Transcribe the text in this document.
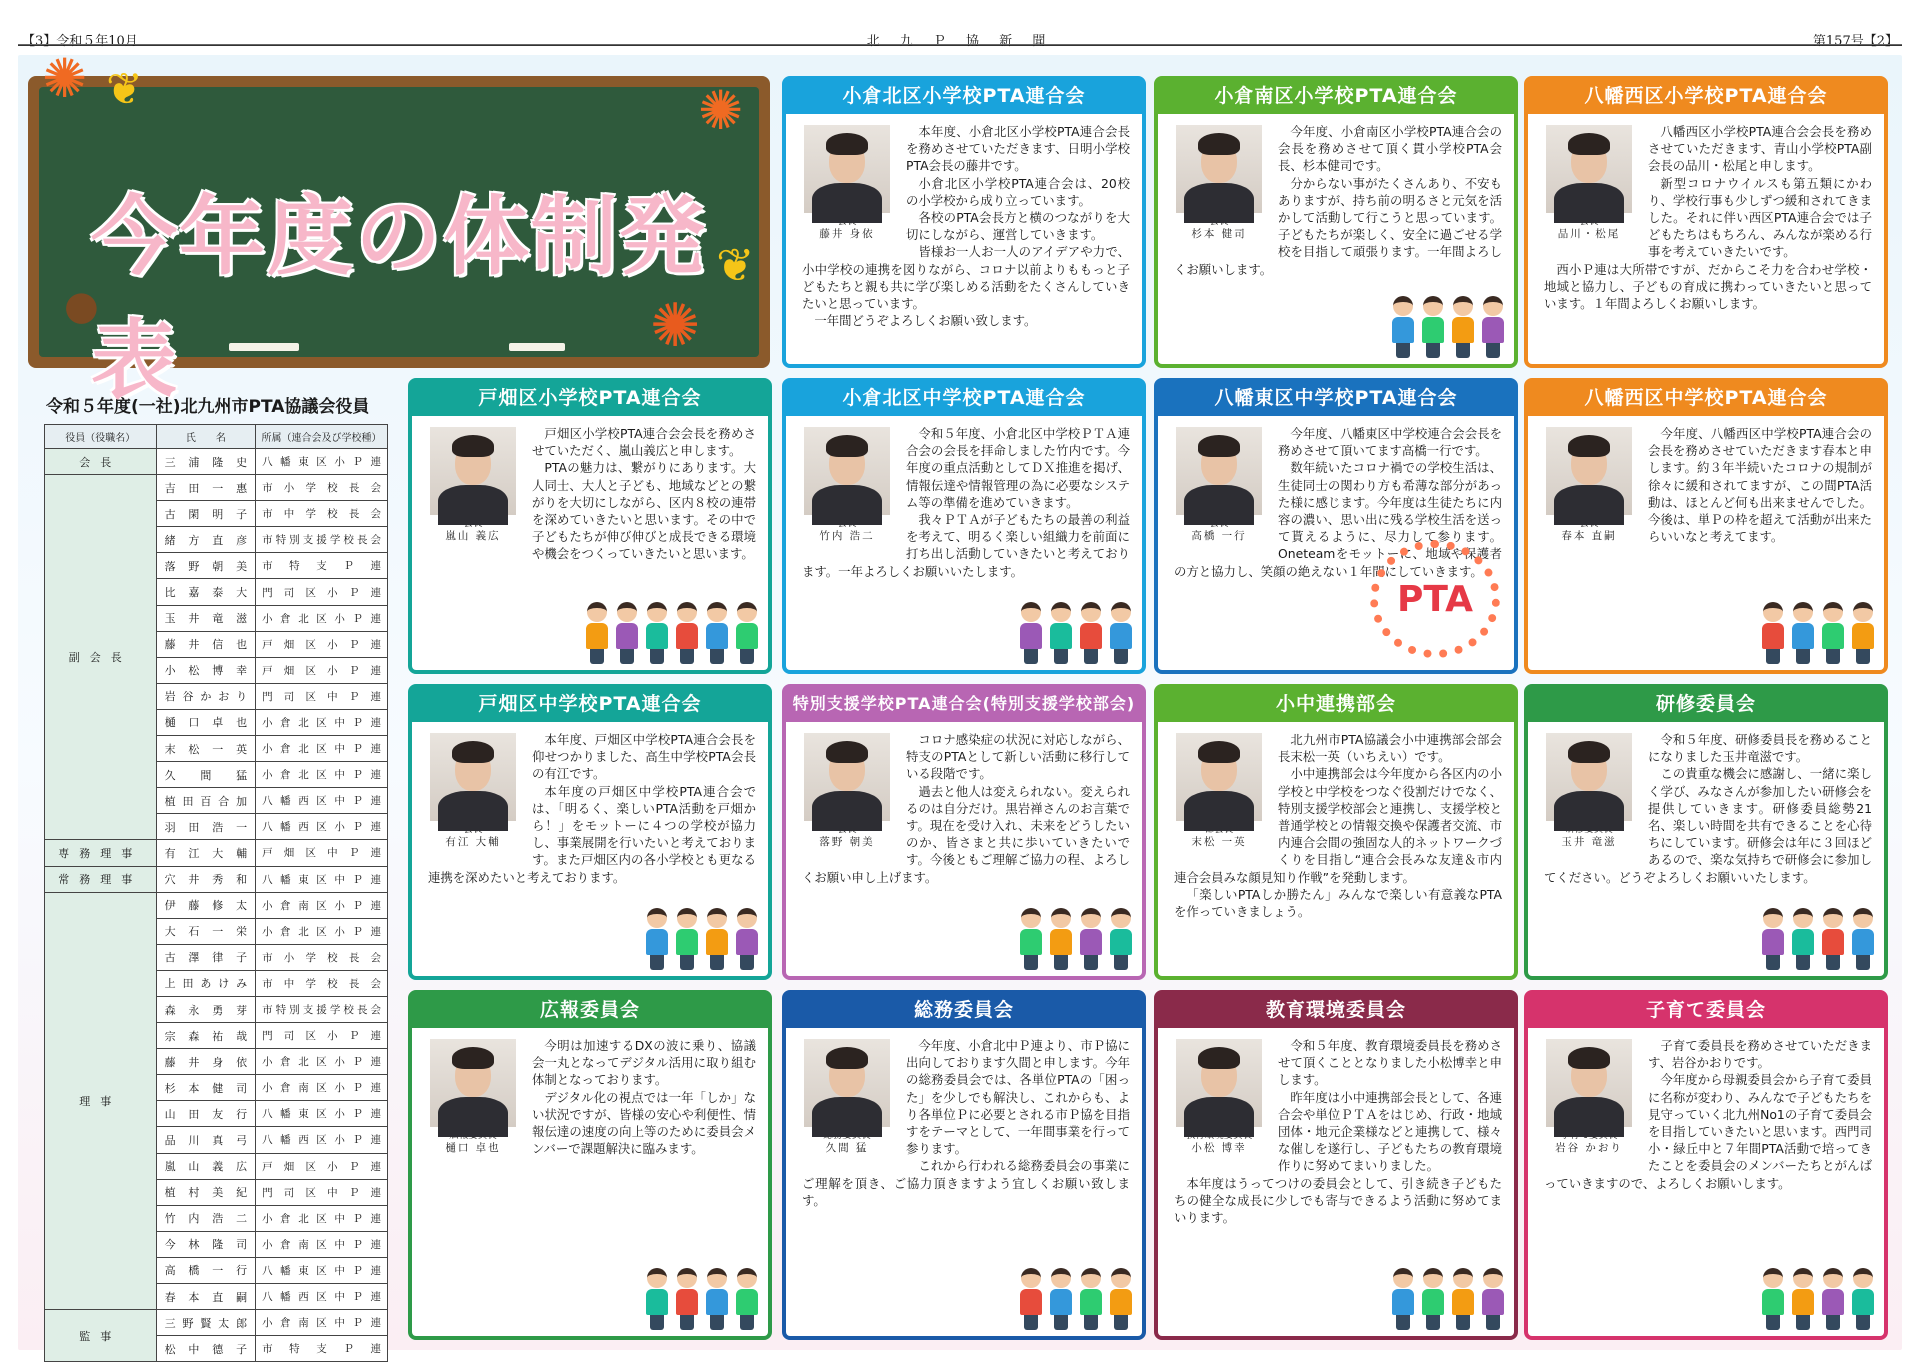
【3】令和５年10月	北 九 Ｐ 協 新 聞	第157号【2】
今年度の体制発表
✺ ❦	✺
❦
✺
●
令和５年度(一社)北九州市PTA協議会役員
役員（役職名）	氏　　名	所属（連合会及び学校種）
会長	三浦隆史	八幡東区小Ｐ連
副会長	吉田一惠	市小学校長会
	古閑明子	市中学校長会
	緒方直彦	市特別支援学校長会
	落野朝美	市特支Ｐ連
	比嘉泰大	門司区小Ｐ連
	玉井竜滋	小倉北区小Ｐ連
	藤井信也	戸畑区小Ｐ連
	小松博幸	戸畑区小Ｐ連
	岩谷かおり	門司区中Ｐ連
	樋口卓也	小倉北区中Ｐ連
	末松一英	小倉北区中Ｐ連
	久間猛	小倉北区中Ｐ連
	植田百合加	八幡西区中Ｐ連
	羽田浩一	八幡西区小Ｐ連
専務理事	有江大輔	戸畑区中Ｐ連
常務理事	穴井秀和	八幡東区中Ｐ連
理事	伊藤修太	小倉南区小Ｐ連
	大石一栄	小倉北区小Ｐ連
	古澤律子	市小学校長会
	上田あけみ	市中学校長会
	森永勇芽	市特別支援学校長会
	宗森祐哉	門司区小Ｐ連
	藤井身依	小倉北区小Ｐ連
	杉本健司	小倉南区小Ｐ連
	山田友行	八幡東区小Ｐ連
	品川真弓	八幡西区小Ｐ連
	嵐山義広	戸畑区小Ｐ連
	植村美紀	門司区中Ｐ連
	竹内浩二	小倉北区中Ｐ連
	今林隆司	小倉南区中Ｐ連
	高橋一行	八幡東区中Ｐ連
	春本直嗣	八幡西区中Ｐ連
監事	三野賢太郎	小倉南区中Ｐ連
	松中德子	市特支Ｐ連
小倉北区小学校PTA連合会
藤井 身依

本年度、小倉北区小学校PTA連合会長を務めさせていただきます、日明小学校PTA会長の藤井です。

小倉北区小学校PTA連合会は、20校の小学校から成り立っています。

各校のPTA会長方と横のつながりを大切にしながら、運営していきます。

皆様お一人お一人のアイデアや力で、小中学校の連携を図りながら、コロナ以前よりももっと子どもたちと親も共に学び楽しめる活動をたくさんしていきたいと思っています。

一年間どうぞよろしくお願い致します。

小倉南区小学校PTA連合会
杉本 健司

今年度、小倉南区小学校PTA連合会の会長を務めさせて頂く貫小学校PTA会長、杉本健司です。

分からない事がたくさんあり、不安もありますが、持ち前の明るさと元気を活かして活動して行こうと思っています。子どもたちが楽しく、安全に過ごせる学校を目指して頑張ります。一年間よろしくお願いします。

八幡西区小学校PTA連合会
品川・松尾

八幡西区小学校PTA連合会会長を務めさせていただきます、青山小学校PTA副会長の品川・松尾と申します。

新型コロナウイルスも第五類にかわり、学校行事も少しずつ緩和されてきました。それに伴い西区PTA連合会では子どもたちはもちろん、みんなが楽める行事を考えていきたいです。

西小Ｐ連は大所帯ですが、だからこそ力を合わせ学校・地域と協力し、子どもの育成に携わっていきたいと思っています。１年間よろしくお願いします。

戸畑区小学校PTA連合会
嵐山 義広

戸畑区小学校PTA連合会会長を務めさせていただく、嵐山義広と申します。

PTAの魅力は、繋がりにあります。大人同士、大人と子ども、地域などとの繋がりを大切にしながら、区内８校の連帯を深めていきたいと思います。その中で子どもたちが伸び伸びと成長できる環境や機会をつくっていきたいと思います。

小倉北区中学校PTA連合会
竹内 浩二

令和５年度、小倉北区中学校ＰＴＡ連合会の会長を拝命しました竹内です。今年度の重点活動としてＤＸ推進を掲げ、情報伝達や情報管理の為に必要なシステム等の準備を進めていきます。

我々ＰＴＡが子どもたちの最善の利益を考えて、明るく楽しい組織力を前面に打ち出し活動していきたいと考えております。一年よろしくお願いいたします。

八幡東区中学校PTA連合会
高橋 一行

今年度、八幡東区中学校連合会会長を務めさせて頂いてます高橋一行です。

数年続いたコロナ禍での学校生活は、生徒同士の関わり方も希薄な部分があった様に感じます。今年度は生徒たちに内容の濃い、思い出に残る学校生活を送って貰えるように、尽力して参ります。Oneteamをモットーに、地域や保護者の方と協力し、笑顔の絶えない１年間にしていきます。

PTA
八幡西区中学校PTA連合会
春本 直嗣

今年度、八幡西区中学校PTA連合会の会長を務めさせていただきます春本と申します。約３年半続いたコロナの規制が徐々に緩和されてますが、この間PTA活動は、ほとんど何も出来ませんでした。今後は、単Ｐの枠を超えて活動が出来たらいいなと考えてます。

戸畑区中学校PTA連合会
有江 大輔

本年度、戸畑区中学校PTA連合会長を仰せつかりました、高生中学校PTA会長の有江です。

本年度の戸畑区中学校PTA連合会では、「明るく、楽しいPTA活動を戸畑から！」をモットーに４つの学校が協力し、事業展開を行いたいと考えております。また戸畑区内の各小学校とも更なる連携を深めたいと考えております。

特別支援学校PTA連合会(特別支援学校部会)
落野 朝美

コロナ感染症の状況に対応しながら、特支のPTAとして新しい活動に移行している段階です。

過去と他人は変えられない。変えられるのは自分だけ。黒岩禅さんのお言葉です。現在を受け入れ、未来をどうしたいのか、皆さまと共に歩いていきたいです。今後ともご理解ご協力の程、よろしくお願い申し上げます。

小中連携部会
末松 一英

北九州市PTA協議会小中連携部会部会長末松一英（いちえい）です。

小中連携部会は今年度から各区内の小学校と中学校をつなぐ役割だけでなく、特別支援学校部会と連携し、支援学校と普通学校との情報交換や保護者交流、市内連合会間の強固な人的ネットワークづくりを目指し“連合会長みな友達＆市内連合会員みな顔見知り作戦”を発動します。

「楽しいPTAしか勝たん」みんなで楽しい有意義なPTAを作っていきましょう。

研修委員会
玉井 竜滋

令和５年度、研修委員長を務めることになりました玉井竜滋です。

この貴重な機会に感謝し、一緒に楽しく学び、みなさんが参加したい研修会を提供していきます。研修委員総勢21名、楽しい時間を共有できることを心待ちにしています。研修会は年に３回ほどあるので、楽な気持ちで研修会に参加してください。どうぞよろしくお願いいたします。

広報委員会
樋口 卓也

今明は加速するDXの波に乗り、協議会一丸となってデジタル活用に取り組む体制となっております。

デジタル化の視点では一年「しか」ない状況ですが、皆様の安心や利便性、情報伝達の速度の向上等のために委員会メンバーで課題解決に臨みます。

総務委員会
久間 猛

今年度、小倉北中Ｐ連より、市Ｐ協に出向しております久間と申します。今年の総務委員会では、各単位PTAの「困った」を少しでも解決し、これからも、より各単位Ｐに必要とされる市Ｐ協を目指すをテーマとして、一年間事業を行って参ります。

これから行われる総務委員会の事業にご理解を頂き、ご協力頂きますよう宜しくお願い致します。

教育環境委員会
小松 博幸

令和５年度、教育環境委員長を務めさせて頂くこととなりました小松博幸と申します。

昨年度は小中連携部会長として、各連合会や単位ＰＴＡをはじめ、行政・地域団体・地元企業様などと連携して、様々な催しを遂行し、子どもたちの教育環境作りに努めてまいりました。

本年度はうってつけの委員会として、引き続き子どもたちの健全な成長に少しでも寄与できるよう活動に努めてまいります。

子育て委員会
岩谷 かおり

子育て委員長を務めさせていただきます、岩谷かおりです。

今年度から母親委員会から子育て委員に名称が変わり、みんなで子どもたちを見守っていく北九州No1の子育て委員会を目指していきたいと思います。西門司小・緑丘中と７年間PTA活動で培ってきたことを委員会のメンバーたちとがんばっていきますので、よろしくお願いします。
